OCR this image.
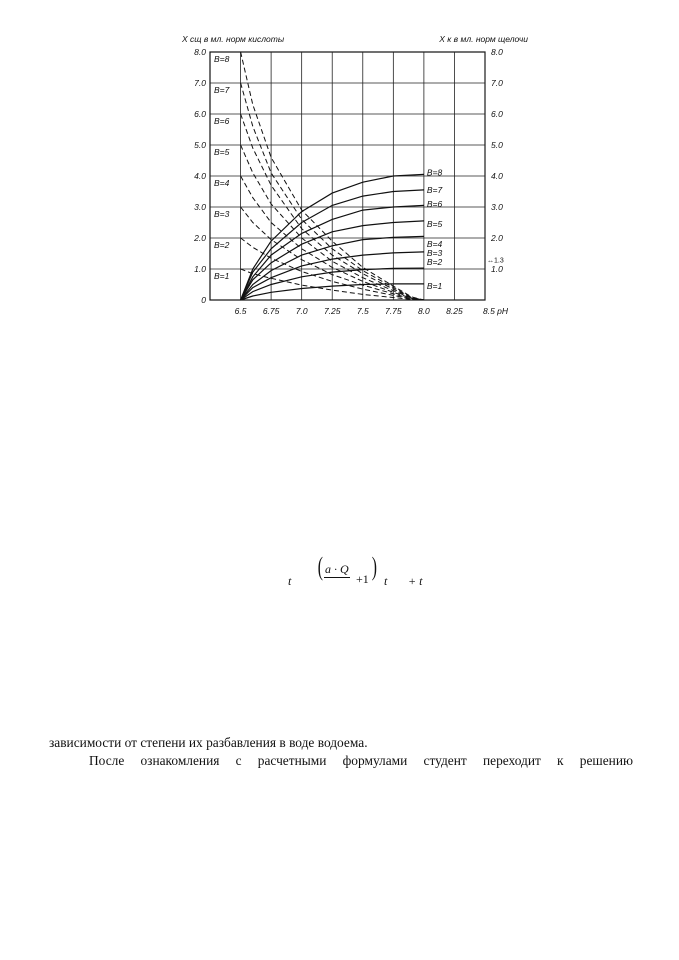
6.5 6.75 7.0 7.25 7.5 7.75 8.0 8.25 8.5 pH
8.0
7.0
6.0
5.0
4.0
3.0
2.0
1.0
0
8.0
7.0
6.0
5.0
4.0
3.0
2.0
1.0
X сщ в мл. норм кислоты	X к в мл. норм щелочи
↔1.3
B=8
B=7
B=6
B=5
B=4
B=3
B=2
B=1
B=8
B=7
B=6
B=5
B=4
B=3
B=2
B=1
t ( a · Q
+1 ) t + t
зависимости от степени их разбавления в воде водоема.
После ознакомления с расчетными формулами студент переходит к решению
